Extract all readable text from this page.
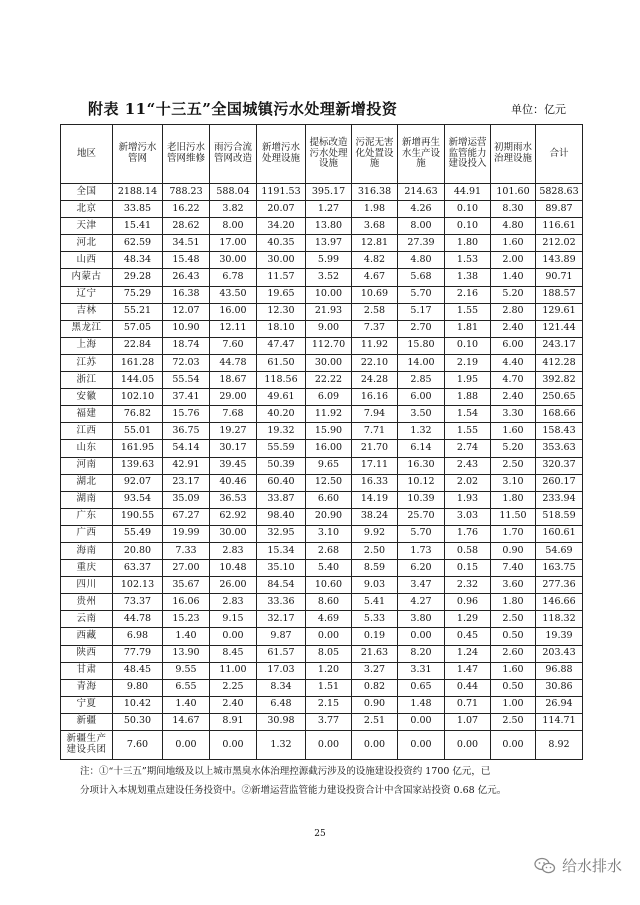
附表 11“十三五”全国城镇污水处理新增投资	单位：亿元
地区	新增污水管网	老旧污水管网维修	雨污合流管网改造	新增污水处理设施	提标改造污水处理设施	污泥无害化处置设施	新增再生水生产设施	新增运营监管能力建设投入	初期雨水治理设施	合计
全国	2188.14	788.23	588.04	1191.53	395.17	316.38	214.63	44.91	101.60	5828.63
北京	33.85	16.22	3.82	20.07	1.27	1.98	4.26	0.10	8.30	89.87
天津	15.41	28.62	8.00	34.20	13.80	3.68	8.00	0.10	4.80	116.61
河北	62.59	34.51	17.00	40.35	13.97	12.81	27.39	1.80	1.60	212.02
山西	48.34	15.48	30.00	30.00	5.99	4.82	4.80	1.53	2.00	143.89
内蒙古	29.28	26.43	6.78	11.57	3.52	4.67	5.68	1.38	1.40	90.71
辽宁	75.29	16.38	43.50	19.65	10.00	10.69	5.70	2.16	5.20	188.57
吉林	55.21	12.07	16.00	12.30	21.93	2.58	5.17	1.55	2.80	129.61
黑龙江	57.05	10.90	12.11	18.10	9.00	7.37	2.70	1.81	2.40	121.44
上海	22.84	18.74	7.60	47.47	112.70	11.92	15.80	0.10	6.00	243.17
江苏	161.28	72.03	44.78	61.50	30.00	22.10	14.00	2.19	4.40	412.28
浙江	144.05	55.54	18.67	118.56	22.22	24.28	2.85	1.95	4.70	392.82
安徽	102.10	37.41	29.00	49.61	6.09	16.16	6.00	1.88	2.40	250.65
福建	76.82	15.76	7.68	40.20	11.92	7.94	3.50	1.54	3.30	168.66
江西	55.01	36.75	19.27	19.32	15.90	7.71	1.32	1.55	1.60	158.43
山东	161.95	54.14	30.17	55.59	16.00	21.70	6.14	2.74	5.20	353.63
河南	139.63	42.91	39.45	50.39	9.65	17.11	16.30	2.43	2.50	320.37
湖北	92.07	23.17	40.46	60.40	12.50	16.33	10.12	2.02	3.10	260.17
湖南	93.54	35.09	36.53	33.87	6.60	14.19	10.39	1.93	1.80	233.94
广东	190.55	67.27	62.92	98.40	20.90	38.24	25.70	3.03	11.50	518.59
广西	55.49	19.99	30.00	32.95	3.10	9.92	5.70	1.76	1.70	160.61
海南	20.80	7.33	2.83	15.34	2.68	2.50	1.73	0.58	0.90	54.69
重庆	63.37	27.00	10.48	35.10	5.40	8.59	6.20	0.15	7.40	163.75
四川	102.13	35.67	26.00	84.54	10.60	9.03	3.47	2.32	3.60	277.36
贵州	73.37	16.06	2.83	33.36	8.60	5.41	4.27	0.96	1.80	146.66
云南	44.78	15.23	9.15	32.17	4.69	5.33	3.80	1.29	2.50	118.32
西藏	6.98	1.40	0.00	9.87	0.00	0.19	0.00	0.45	0.50	19.39
陕西	77.79	13.90	8.45	61.57	8.05	21.63	8.20	1.24	2.60	203.43
甘肃	48.45	9.55	11.00	17.03	1.20	3.27	3.31	1.47	1.60	96.88
青海	9.80	6.55	2.25	8.34	1.51	0.82	0.65	0.44	0.50	30.86
宁夏	10.42	1.40	2.40	6.48	2.15	0.90	1.48	0.71	1.00	26.94
新疆	50.30	14.67	8.91	30.98	3.77	2.51	0.00	1.07	2.50	114.71
新疆生产建设兵团	7.60	0.00	0.00	1.32	0.00	0.00	0.00	0.00	0.00	8.92
注：①“十三五”期间地级及以上城市黑臭水体治理控源截污涉及的设施建设投资约 1700 亿元，已
分项计入本规划重点建设任务投资中。②新增运营监管能力建设投资合计中含国家站投资 0.68 亿元。
25
给水排水
